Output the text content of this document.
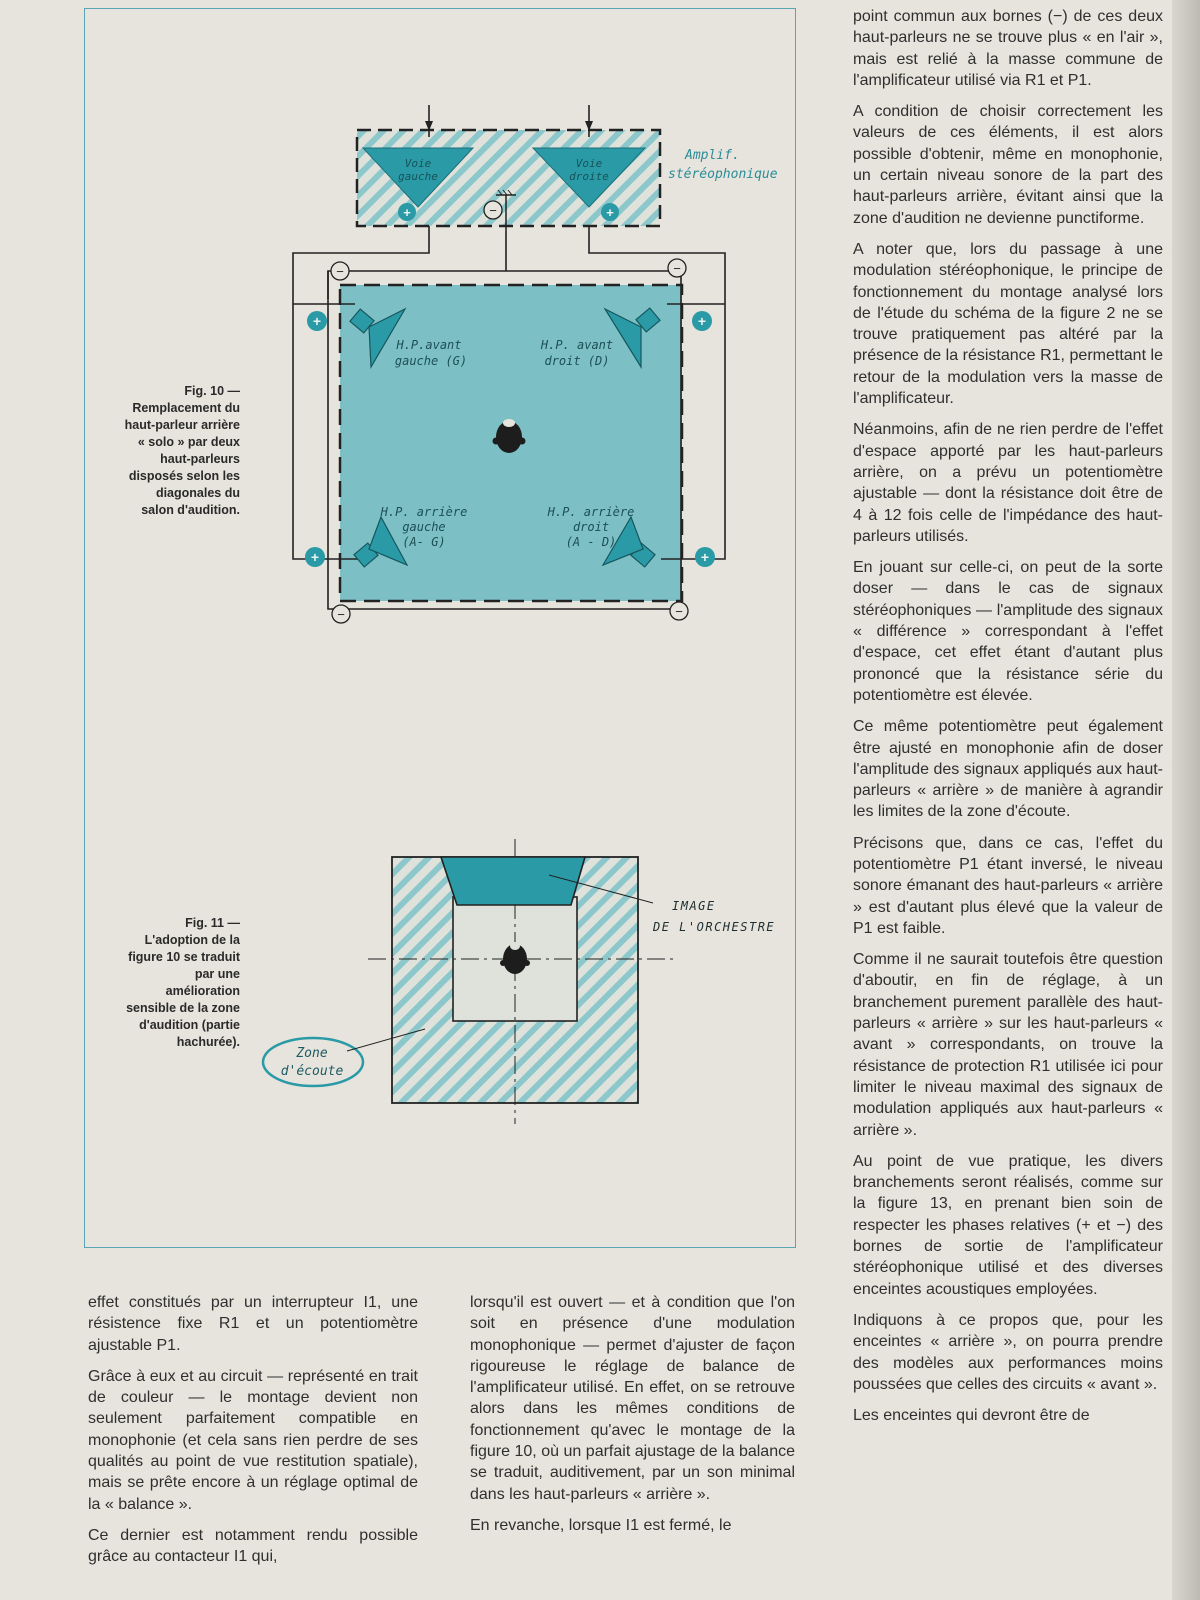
Voie
gauche
Voie
droite
Amplif.
stéréophonique
+	+
−
+	+
+	+
−	−
−	−
H.P.avant
gauche (G)
H.P. avant
droit (D)
H.P. arrière
gauche
(A- G)
H.P. arrière
droit
(A - D)
IMAGE
DE L'ORCHESTRE
Zone
d'écoute
Fig. 10 —
Remplacement du
haut-parleur arrière
« solo » par deux
haut-parleurs
disposés selon les
diagonales du
salon d'audition.
Fig. 11 —
L'adoption de la
figure 10 se traduit
par une
amélioration
sensible de la zone
d'audition (partie
hachurée).

point commun aux bornes (−) de ces deux haut-parleurs ne se trouve plus « en l'air », mais est relié à la masse commune de l'amplificateur utilisé via R1 et P1.

A condition de choisir correctement les valeurs de ces éléments, il est alors possible d'obtenir, même en monophonie, un certain niveau sonore de la part des haut-parleurs arrière, évitant ainsi que la zone d'audition ne devienne punctiforme.

A noter que, lors du passage à une modulation stéréophonique, le principe de fonctionnement du montage analysé lors de l'étude du schéma de la figure 2 ne se trouve pratiquement pas altéré par la présence de la résistance R1, permettant le retour de la modulation vers la masse de l'amplificateur.

Néanmoins, afin de ne rien perdre de l'effet d'espace apporté par les haut-parleurs arrière, on a prévu un potentiomètre ajustable — dont la résistance doit être de 4 à 12 fois celle de l'impédance des haut-parleurs utilisés.

En jouant sur celle-ci, on peut de la sorte doser — dans le cas de signaux stéréophoniques — l'amplitude des signaux « différence » correspondant à l'effet d'espace, cet effet étant d'autant plus prononcé que la résistance série du potentiomètre est élevée.

Ce même potentiomètre peut également être ajusté en monophonie afin de doser l'amplitude des signaux appliqués aux haut-parleurs « arrière » de manière à agrandir les limites de la zone d'écoute.

Précisons que, dans ce cas, l'effet du potentiomètre P1 étant inversé, le niveau sonore émanant des haut-parleurs « arrière » est d'autant plus élevé que la valeur de P1 est faible.

Comme il ne saurait toutefois être question d'aboutir, en fin de réglage, à un branchement purement parallèle des haut-parleurs « arrière » sur les haut-parleurs « avant » correspondants, on trouve la résistance de protection R1 utilisée ici pour limiter le niveau maximal des signaux de modulation appliqués aux haut-parleurs « arrière ».

Au point de vue pratique, les divers branchements seront réalisés, comme sur la figure 13, en prenant bien soin de respecter les phases relatives (+ et −) des bornes de sortie de l'amplificateur stéréophonique utilisé et des diverses enceintes acoustiques employées.

Indiquons à ce propos que, pour les enceintes « arrière », on pourra prendre des modèles aux performances moins poussées que celles des circuits « avant ».

Les enceintes qui devront être de

effet constitués par un interrupteur I1, une résistence fixe R1 et un potentiomètre ajustable P1.

Grâce à eux et au circuit — représenté en trait de couleur — le montage devient non seulement parfaitement compatible en monophonie (et cela sans rien perdre de ses qualités au point de vue restitution spatiale), mais se prête encore à un réglage optimal de la « balance ».

Ce dernier est notamment rendu possible grâce au contacteur I1 qui,

lorsqu'il est ouvert — et à condition que l'on soit en présence d'une modulation monophonique — permet d'ajuster de façon rigoureuse le réglage de balance de l'amplificateur utilisé. En effet, on se retrouve alors dans les mêmes conditions de fonctionnement qu'avec le montage de la figure 10, où un parfait ajustage de la balance se traduit, auditivement, par un son minimal dans les haut-parleurs « arrière ».

En revanche, lorsque I1 est fermé, le
